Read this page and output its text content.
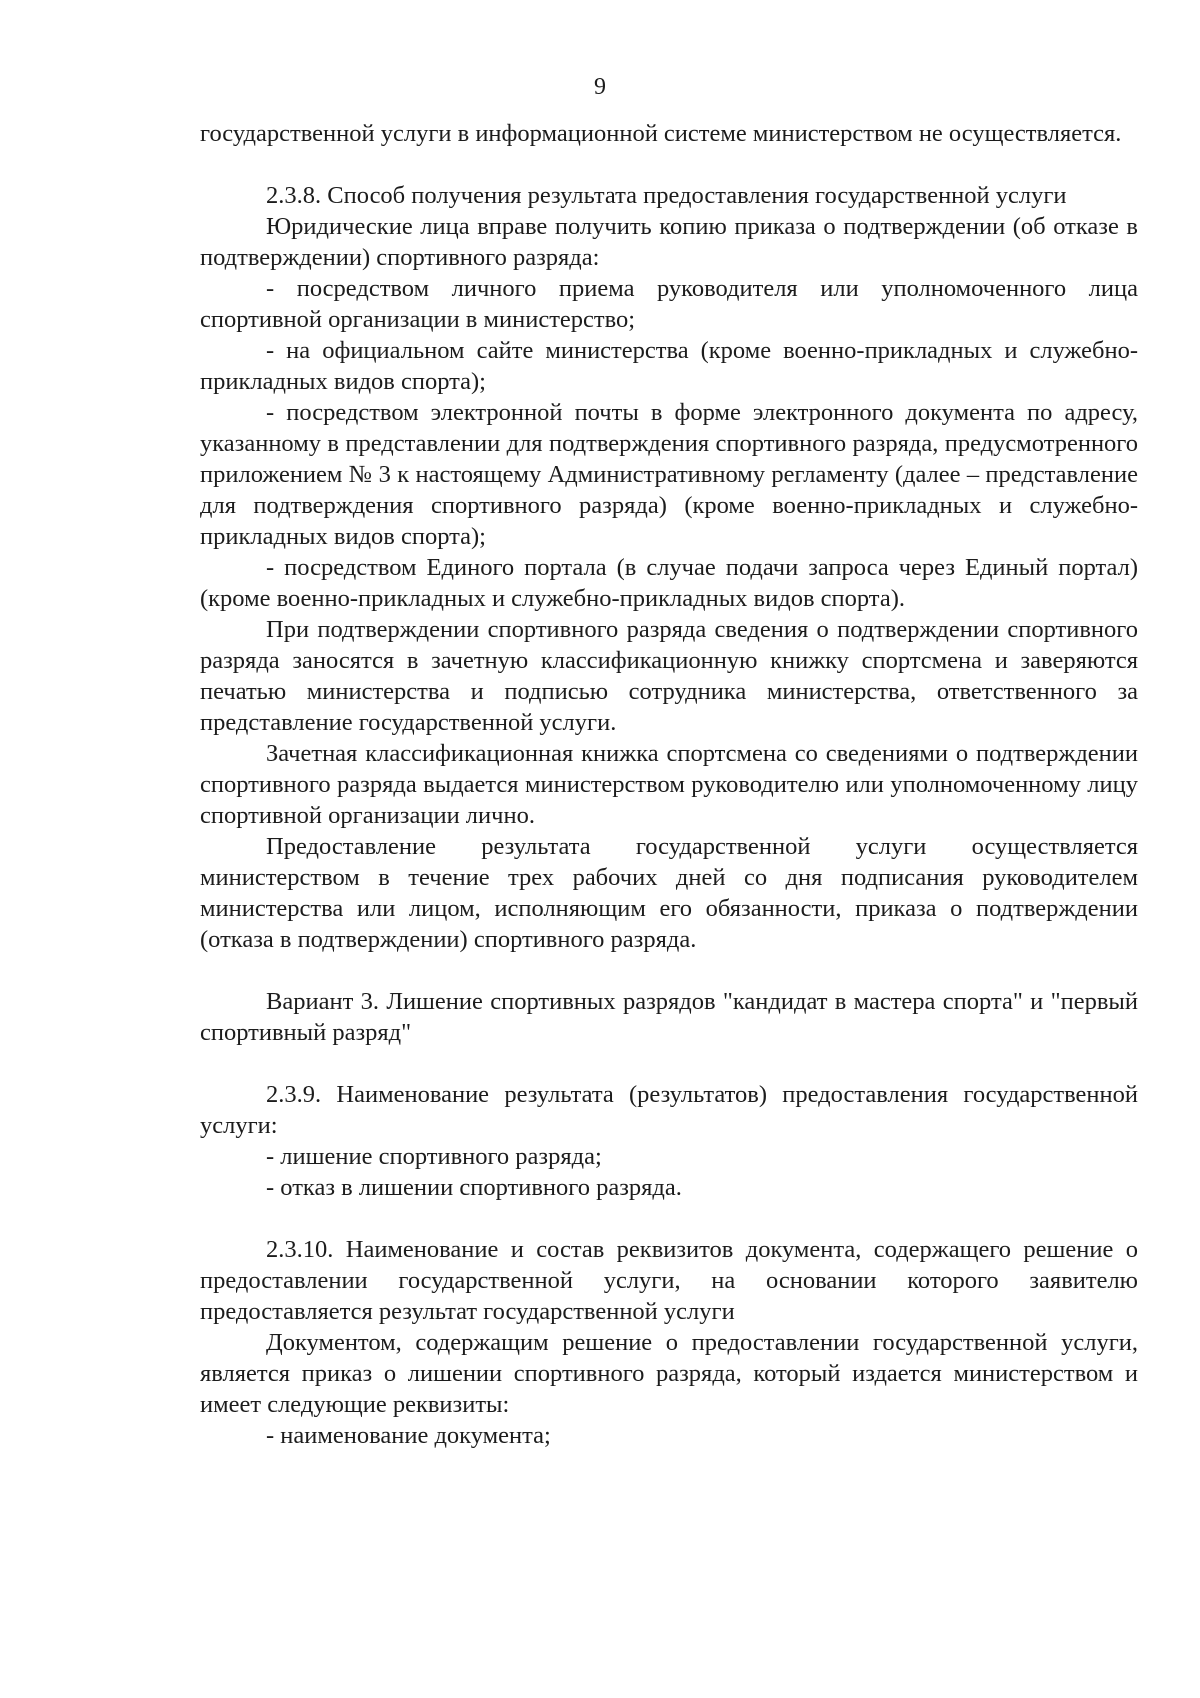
9

государственной услуги в информационной системе министерством не осуществляется.

2.3.8. Способ получения результата предоставления государственной услуги

Юридические лица вправе получить копию приказа о подтверждении (об отказе в подтверждении) спортивного разряда:

- посредством личного приема руководителя или уполномоченного лица спортивной организации в министерство;

- на официальном сайте министерства (кроме военно-прикладных и служебно-прикладных видов спорта);

- посредством электронной почты в форме электронного документа по адресу, указанному в представлении для подтверждения спортивного разряда, предусмотренного приложением № 3 к настоящему Административному регламенту (далее – представление для подтверждения спортивного разряда) (кроме военно-прикладных и служебно-прикладных видов спорта);

- посредством Единого портала (в случае подачи запроса через Единый портал) (кроме военно-прикладных и служебно-прикладных видов спорта).

При подтверждении спортивного разряда сведения о подтверждении спортивного разряда заносятся в зачетную классификационную книжку спортсмена и заверяются печатью министерства и подписью сотрудника министерства, ответственного за представление государственной услуги.

Зачетная классификационная книжка спортсмена со сведениями о подтверждении спортивного разряда выдается министерством руководителю или уполномоченному лицу спортивной организации лично.

Предоставление результата государственной услуги осуществляется министерством в течение трех рабочих дней со дня подписания руководителем министерства или лицом, исполняющим его обязанности, приказа о подтверждении (отказа в подтверждении) спортивного разряда.

Вариант 3. Лишение спортивных разрядов "кандидат в мастера спорта" и "первый спортивный разряд"

2.3.9. Наименование результата (результатов) предоставления государственной услуги:

- лишение спортивного разряда;

- отказ в лишении спортивного разряда.

2.3.10. Наименование и состав реквизитов документа, содержащего решение о предоставлении государственной услуги, на основании которого заявителю предоставляется результат государственной услуги

Документом, содержащим решение о предоставлении государственной услуги, является приказ о лишении спортивного разряда, который издается министерством и имеет следующие реквизиты:

- наименование документа;
